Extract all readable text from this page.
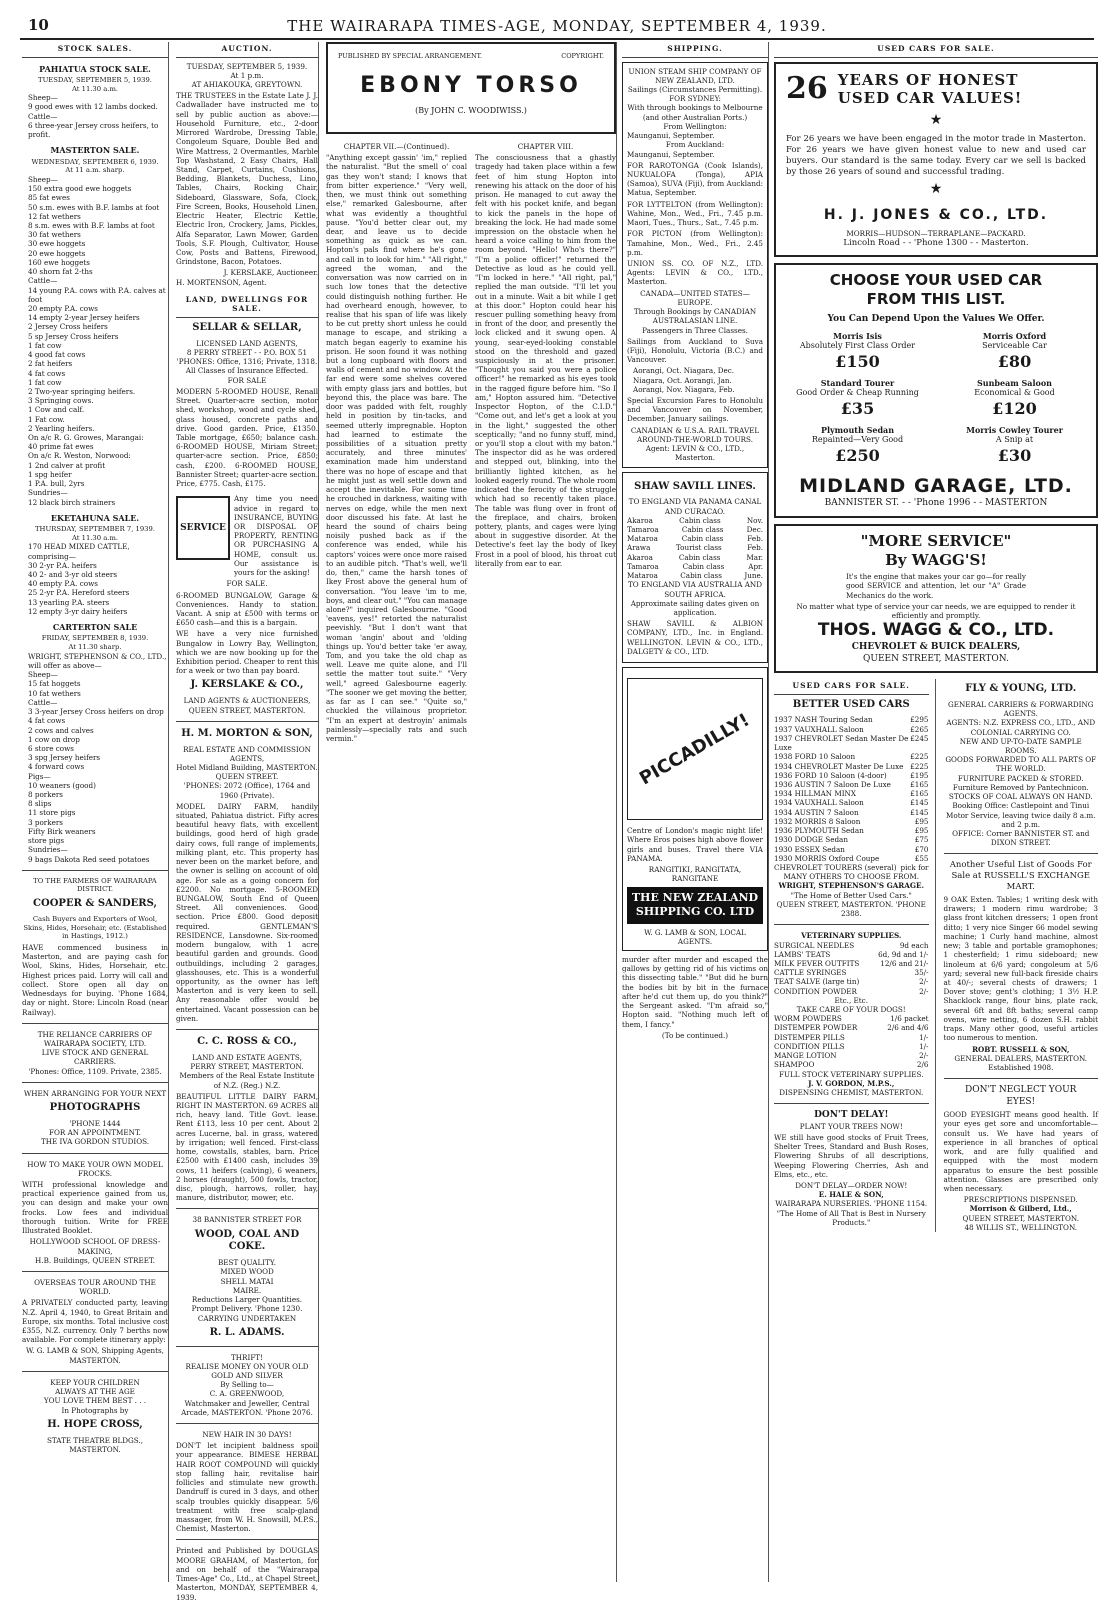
10	THE WAIRARAPA TIMES-AGE, MONDAY, SEPTEMBER 4, 1939.
STOCK SALES.
PAHIATUA STOCK SALE.
TUESDAY, SEPTEMBER 5, 1939.
At 11.30 a.m.
Sheep—
9 good ewes with 12 lambs docked.
Cattle—
6 three-year Jersey cross heifers, to profit.
MASTERTON SALE.
WEDNESDAY, SEPTEMBER 6, 1939.
At 11 a.m. sharp.
Sheep—
150 extra good ewe hoggets
85 fat ewes
50 s.m. ewes with B.F. lambs at foot
12 fat wethers
8 s.m. ewes with B.F. lambs at foot
30 fat wethers
30 ewe hoggets
20 ewe hoggets
160 ewe hoggets
40 shorn fat 2-ths
Cattle—
14 young P.A. cows with P.A. calves at foot
20 empty P.A. cows
14 empty 2-year Jersey heifers
2 Jersey Cross heifers
5 sp Jersey Cross heifers
1 fat cow
4 good fat cows
2 fat heifers
4 fat cows
1 fat cow
2 Two-year springing heifers.
3 Springing cows.
1 Cow and calf.
1 Fat cow.
2 Yearling heifers.
On a/c R. G. Growes, Marangai:
40 prime fat ewes
On a/c R. Weston, Norwood:
1 2nd calver at profit
1 spg heifer
1 P.A. bull, 2yrs
Sundries—
12 black birch strainers
EKETAHUNA SALE.
THURSDAY, SEPTEMBER 7, 1939.
At 11.30 a.m.
170 HEAD MIXED CATTLE, comprising—
30 2-yr P.A. heifers
40 2- and 3-yr old steers
40 empty P.A. cows
25 2-yr P.A. Hereford steers
13 yearling P.A. steers
12 empty 3-yr dairy heifers
CARTERTON SALE
FRIDAY, SEPTEMBER 8, 1939.
At 11.30 sharp.
WRIGHT, STEPHENSON & CO., LTD., will offer as above—
Sheep—
15 fat hoggets
10 fat wethers
Cattle—
3 3-year Jersey Cross heifers on drop
4 fat cows
2 cows and calves
1 cow on drop
6 store cows
3 spg Jersey heifers
4 forward cows
Pigs—
10 weaners (good)
8 porkers
8 slips
11 store pigs
3 porkers
Fifty Birk weaners
store pigs
Sundries—
9 bags Dakota Red seed potatoes
TO THE FARMERS OF WAIRARAPA DISTRICT.
COOPER & SANDERS,
Cash Buyers and Exporters of Wool, Skins, Hides, Horsehair, etc. (Established in Hastings, 1912.)
HAVE commenced business in Masterton, and are paying cash for Wool, Skins, Hides, Horsehair, etc. Highest prices paid. Lorry will call and collect. Store open all day on Wednesdays for buying. 'Phone 1684, day or night. Store: Lincoln Road (near Railway).
THE RELIANCE CARRIERS OF WAIRARAPA SOCIETY, LTD.
LIVE STOCK AND GENERAL CARRIERS.
'Phones: Office, 1109. Private, 2385.
WHEN ARRANGING FOR YOUR NEXT
PHOTOGRAPHS
'PHONE 1444
FOR AN APPOINTMENT.
THE IVA GORDON STUDIOS.
HOW TO MAKE YOUR OWN MODEL FROCKS.
WITH professional knowledge and practical experience gained from us, you can design and make your own frocks. Low fees and individual thorough tuition. Write for FREE Illustrated Booklet.
HOLLYWOOD SCHOOL OF DRESS-MAKING,
H.B. Buildings, QUEEN STREET.
OVERSEAS TOUR AROUND THE WORLD.
A PRIVATELY conducted party, leaving N.Z. April 4, 1940, to Great Britain and Europe, six months. Total inclusive cost £355, N.Z. currency. Only 7 berths now available. For complete itinerary apply:
W. G. LAMB & SON, Shipping Agents, MASTERTON.
KEEP YOUR CHILDREN
ALWAYS AT THE AGE
YOU LOVE THEM BEST . . .
In Photographs by
H. HOPE CROSS,
STATE THEATRE BLDGS., MASTERTON.
AUCTION.
TUESDAY, SEPTEMBER 5, 1939.
At 1 p.m.
AT AHIAKOUKA, GREYTOWN.
THE TRUSTEES in the Estate Late J. J. Cadwallader have instructed me to sell by public auction as above:—Household Furniture, etc., 2-door Mirrored Wardrobe, Dressing Table, Congoleum Square, Double Bed and Wire Mattress, 2 Overmantles, Marble Top Washstand, 2 Easy Chairs, Hall Stand, Carpet, Curtains, Cushions, Bedding, Blankets, Duchess, Lino, Tables, Chairs, Rocking Chair, Sideboard, Glassware, Sofa, Clock, Fire Screen, Books, Household Linen, Electric Heater, Electric Kettle, Electric Iron, Crockery, Jams, Pickles, Alfa Separator, Lawn Mower, Garden Tools, S.F. Plough, Cultivator, House Cow, Posts and Battens, Firewood, Grindstone, Bacon, Potatoes.
J. KERSLAKE, Auctioneer.
H. MORTENSON, Agent.
LAND, DWELLINGS FOR SALE.
SELLAR & SELLAR,
LICENSED LAND AGENTS,
8 PERRY STREET - - P.O. BOX 51
'PHONES: Office, 1316; Private, 1318.
All Classes of Insurance Effected.
FOR SALE
MODERN 5-ROOMED HOUSE, Renall Street. Quarter-acre section, motor shed, workshop, wood and cycle shed, glass housed, concrete paths and drive. Good garden. Price, £1350. Table mortgage, £650; balance cash. 6-ROOMED HOUSE, Miriam Street; quarter-acre section. Price, £850; cash, £200. 6-ROOMED HOUSE, Bannister Street; quarter-acre section. Price, £775. Cash, £175.
SERVICE
Any time you need advice in regard to INSURANCE, BUYING OR DISPOSAL OF PROPERTY, RENTING OR PURCHASING A HOME, consult us. Our assistance is yours for the asking!
FOR SALE.
6-ROOMED BUNGALOW, Garage & Conveniences. Handy to station. Vacant. A snip at £500 with terms or £650 cash—and this is a bargain.
WE have a very nice furnished Bungalow in Lowry Bay, Wellington, which we are now booking up for the Exhibition period. Cheaper to rent this for a week or two than pay board.
J. KERSLAKE & CO.,
LAND AGENTS & AUCTIONEERS, QUEEN STREET, MASTERTON.
H. M. MORTON & SON,
REAL ESTATE AND COMMISSION AGENTS,
Hotel Midland Building, MASTERTON.
QUEEN STREET.
'PHONES: 2072 (Office), 1764 and 1960 (Private).
MODEL DAIRY FARM, handily situated, Pahiatua district. Fifty acres beautiful heavy flats, with excellent buildings, good herd of high grade dairy cows, full range of implements, milking plant, etc. This property has never been on the market before, and the owner is selling on account of old age. For sale as a going concern for £2200. No mortgage. 5-ROOMED BUNGALOW, South End of Queen Street. All conveniences. Good section. Price £800. Good deposit required. GENTLEMAN'S RESIDENCE, Lansdowne. Six-roomed modern bungalow, with 1 acre beautiful garden and grounds. Good outbuildings, including 2 garages, glasshouses, etc. This is a wonderful opportunity, as the owner has left Masterton and is very keen to sell. Any reasonable offer would be entertained. Vacant possession can be given.
C. C. ROSS & CO.,
LAND AND ESTATE AGENTS,
PERRY STREET, MASTERTON.
Members of the Real Estate Institute of N.Z. (Reg.) N.Z.
BEAUTIFUL LITTLE DAIRY FARM, RIGHT IN MASTERTON. 69 ACRES all rich, heavy land. Title Govt. lease. Rent £113, less 10 per cent. About 2 acres Lucerne, bal. in grass, watered by irrigation; well fenced. First-class home, cowstalls, stables, barn. Price £2500 with £1400 cash, includes 39 cows, 11 heifers (calving), 6 weaners, 2 horses (draught), 500 fowls, tractor, disc, plough, harrows, roller, hay, manure, distributor, mower, etc.
38 BANNISTER STREET FOR
WOOD, COAL AND COKE.
BEST QUALITY.
MIXED WOOD
SHELL MATAI
MAIRE.
Reductions Larger Quantities.
Prompt Delivery. 'Phone 1230.
CARRYING UNDERTAKEN
R. L. ADAMS.
THRIFT!
REALISE MONEY ON YOUR OLD GOLD AND SILVER
By Selling to—
C. A. GREENWOOD,
Watchmaker and Jeweller, Central Arcade, MASTERTON. 'Phone 2076.
NEW HAIR IN 30 DAYS!
DON'T let incipient baldness spoil your appearance. BIMESE HERBAL HAIR ROOT COMPOUND will quickly stop falling hair, revitalise hair follicles and stimulate new growth. Dandruff is cured in 3 days, and other scalp troubles quickly disappear. 5/6 treatment with free scalp-gland massager, from W. H. Snowsill, M.P.S., Chemist, Masterton.
Printed and Published by DOUGLAS MOORE GRAHAM, of Masterton, for and on behalf of the "Wairarapa Times-Age" Co., Ltd., at Chapel Street, Masterton, MONDAY, SEPTEMBER 4, 1939.
PUBLISHED BY SPECIAL ARRANGEMENT.	COPYRIGHT.
EBONY TORSO
(By JOHN C. WOODIWISS.)
CHAPTER VII.—(Continued).
"Anything except gassin' 'im," replied the naturalist. "But the smell o' coal gas they won't stand; I knows that from bitter experience." "Very well, then, we must think out something else," remarked Galesbourne, after what was evidently a thoughtful pause. "You'd better clear out, my dear, and leave us to decide something as quick as we can. Hopton's pals find where he's gone and call in to look for him." "All right," agreed the woman, and the conversation was now carried on in such low tones that the detective could distinguish nothing further. He had overheard enough, however, to realise that his span of life was likely to be cut pretty short unless he could manage to escape, and striking a match began eagerly to examine his prison. He soon found it was nothing but a long cupboard with floors and walls of cement and no window. At the far end were some shelves covered with empty glass jars and bottles, but beyond this, the place was bare. The door was padded with felt, roughly held in position by tin-tacks, and seemed utterly impregnable. Hopton had learned to estimate the possibilities of a situation pretty accurately, and three minutes' examination made him understand there was no hope of escape and that he might just as well settle down and accept the inevitable. For some time he crouched in darkness, waiting with nerves on edge, while the men next door discussed his fate. At last he heard the sound of chairs being noisily pushed back as if the conference was ended, while his captors' voices were once more raised to an audible pitch. "That's well, we'll do, then," came the harsh tones of Ikey Frost above the general hum of conversation. "You leave 'im to me, boys, and clear out." "You can manage alone?" inquired Galesbourne. "Good 'eavens, yes!" retorted the naturalist peevishly. "But I don't want that woman 'angin' about and 'olding things up. You'd better take 'er away, Tom, and you take the old chap as well. Leave me quite alone, and I'll settle the matter tout suite." "Very well," agreed Galesbourne eagerly. "The sooner we get moving the better, as far as I can see." "Quite so," chuckled the villainous proprietor. "I'm an expert at destroyin' animals painlessly—specially rats and such vermin."
CHAPTER VIII.
The consciousness that a ghastly tragedy had taken place within a few feet of him stung Hopton into renewing his attack on the door of his prison. He managed to cut away the felt with his pocket knife, and began to kick the panels in the hope of breaking the lock. He had made some impression on the obstacle when he heard a voice calling to him from the room beyond. "Hello! Who's there?" "I'm a police officer!" returned the Detective as loud as he could yell. "I'm locked in here." "All right, pal," replied the man outside. "I'll let you out in a minute. Wait a bit while I get at this door." Hopton could hear his rescuer pulling something heavy from in front of the door, and presently the lock clicked and it swung open. A young, sear-eyed-looking constable stood on the threshold and gazed suspiciously in at the prisoner. "Thought you said you were a police officer!" he remarked as his eyes took in the ragged figure before him. "So I am," Hopton assured him. "Detective Inspector Hopton, of the C.I.D." "Come out, and let's get a look at you in the light," suggested the other sceptically; "and no funny stuff, mind, or you'll stop a clout with my baton." The inspector did as he was ordered and stepped out, blinking, into the brilliantly lighted kitchen, as he looked eagerly round. The whole room indicated the ferocity of the struggle which had so recently taken place. The table was flung over in front of the fireplace, and chairs, broken pottery, plants, and cages were lying about in suggestive disorder. At the Detective's feet lay the body of Ikey Frost in a pool of blood, his throat cut literally from ear to ear.
SHIPPING.
UNION STEAM SHIP COMPANY OF NEW ZEALAND, LTD.
Sailings (Circumstances Permitting).
FOR SYDNEY:
With through bookings to Melbourne (and other Australian Ports.)
From Wellington:
Maunganui, September.
From Auckland:
Maunganui, September.
FOR RAROTONGA (Cook Islands), NUKUALOFA (Tonga), APIA (Samoa), SUVA (Fiji), from Auckland: Matua, September.
FOR LYTTELTON (from Wellington): Wahine, Mon., Wed., Fri., 7.45 p.m. Maori, Tues., Thurs., Sat., 7.45 p.m.
FOR PICTON (from Wellington): Tamahine, Mon., Wed., Fri., 2.45 p.m.
UNION SS. CO. OF N.Z., LTD. Agents: LEVIN & CO., LTD., Masterton.
CANADA—UNITED STATES—EUROPE.
Through Bookings by CANADIAN AUSTRALASIAN LINE.
Passengers in Three Classes.
Sailings from Auckland to Suva (Fiji), Honolulu, Victoria (B.C.) and Vancouver.
Aorangi, Oct. Niagara, Dec.
Niagara, Oct. Aorangi, Jan.
Aorangi, Nov. Niagara, Feb.
Special Excursion Fares to Honolulu and Vancouver on November, December, January sailings.
CANADIAN & U.S.A. RAIL TRAVEL
AROUND-THE-WORLD TOURS.
Agent: LEVIN & CO., LTD., Masterton.
SHAW SAVILL LINES.
TO ENGLAND VIA PANAMA CANAL AND CURACAO.
Akaroa	Cabin class	Nov.
Tamaroa	Cabin class	Dec.
Mataroa	Cabin class	Feb.
Arawa	Tourist class	Feb.
Akaroa	Cabin class	Mar.
Tamaroa	Cabin class	Apr.
Mataroa	Cabin class	June.
TO ENGLAND VIA AUSTRALIA AND SOUTH AFRICA.
Approximate sailing dates given on application.
SHAW SAVILL & ALBION COMPANY, LTD., Inc. in England. WELLINGTON. LEVIN & CO., LTD., DALGETY & CO., LTD.
PICCADILLY!
Centre of London's magic night life! Where Eros poises high above flower girls and buses. Travel there VIA PANAMA.
RANGITIKI, RANGITATA, RANGITANE
THE NEW ZEALAND SHIPPING CO. LTD
W. G. LAMB & SON, LOCAL AGENTS.
murder after murder and escaped the gallows by getting rid of his victims on this dissecting table." "But did he burn the bodies bit by bit in the furnace after he'd cut them up, do you think?" the Sergeant asked. "I'm afraid so," Hopton said. "Nothing much left of them, I fancy."
(To be continued.)
USED CARS FOR SALE.
26 YEARS OF HONEST
USED CAR VALUES!
★
For 26 years we have been engaged in the motor trade in Masterton. For 26 years we have given honest value to new and used car buyers. Our standard is the same today. Every car we sell is backed by those 26 years of sound and successful trading.
★
H. J. JONES & CO., LTD.
MORRIS—HUDSON—TERRAPLANE—PACKARD.
Lincoln Road - - 'Phone 1300 - - Masterton.
CHOOSE YOUR USED CAR
FROM THIS LIST.
You Can Depend Upon the Values We Offer.
Morris Isis
Absolutely First Class Order
£150
Morris Oxford
Serviceable Car
£80
Standard Tourer
Good Order & Cheap Running
£35
Sunbeam Saloon
Economical & Good
£120
Plymouth Sedan
Repainted—Very Good
£250
Morris Cowley Tourer
A Snip at
£30
MIDLAND GARAGE, LTD.
BANNISTER ST. - - 'Phone 1996 - - MASTERTON
"MORE SERVICE"
By WAGG'S!
It's the engine that makes your car go—for really good SERVICE and attention, let our "A" Grade Mechanics do the work.
No matter what type of service your car needs, we are equipped to render it efficiently and promptly.
THOS. WAGG & CO., LTD.
CHEVROLET & BUICK DEALERS,
QUEEN STREET, MASTERTON.
USED CARS FOR SALE.
BETTER USED CARS
1937 NASH Touring Sedan	£295
1937 VAUXHALL Saloon	£265
1937 CHEVROLET Sedan Master De Luxe
£245
1938 FORD 10 Saloon	£225
1934 CHEVROLET Master De Luxe £225
1936 FORD 10 Saloon (4-door)	£195
1936 AUSTIN 7 Saloon De Luxe	£165
1934 HILLMAN MINX	£165
1934 VAUXHALL Saloon	£145
1934 AUSTIN 7 Saloon	£145
1932 MORRIS 8 Saloon	£95
1936 PLYMOUTH Sedan	£95
1930 DODGE Sedan	£75
1930 ESSEX Sedan	£70
1930 MORRIS Oxford Coupe	£55
CHEVROLET TOURERS (several) pick for
MANY OTHERS TO CHOOSE FROM.
WRIGHT, STEPHENSON'S GARAGE.
"The Home of Better Used Cars."
QUEEN STREET, MASTERTON. 'PHONE 2388.
VETERINARY SUPPLIES.
SURGICAL NEEDLES	9d each
LAMBS' TEATS	6d, 9d and 1/-
MILK FEVER OUTFITS	12/6 and 21/-
CATTLE SYRINGES	35/-
TEAT SALVE (large tin)	2/-
CONDITION POWDER	2/-
Etc., Etc.
TAKE CARE OF YOUR DOGS!
WORM POWDERS	1/6 packet
DISTEMPER POWDER	2/6 and 4/6
DISTEMPER PILLS	1/-
CONDITION PILLS	1/-
MANGE LOTION	2/-
SHAMPOO	2/6
FULL STOCK VETERINARY SUPPLIES.
J. V. GORDON, M.P.S.,
DISPENSING CHEMIST, MASTERTON.
DON'T DELAY!
PLANT YOUR TREES NOW!
WE still have good stocks of Fruit Trees, Shelter Trees, Standard and Bush Roses, Flowering Shrubs of all descriptions, Weeping Flowering Cherries, Ash and Elms, etc., etc.
DON'T DELAY—ORDER NOW!
E. HALE & SON,
WAIRARAPA NURSERIES. 'PHONE 1154.
"The Home of All That is Best in Nursery Products."
FLY & YOUNG, LTD.
GENERAL CARRIERS & FORWARDING AGENTS.
AGENTS: N.Z. EXPRESS CO., LTD., AND COLONIAL CARRYING CO.
NEW AND UP-TO-DATE SAMPLE ROOMS.
GOODS FORWARDED TO ALL PARTS OF THE WORLD.
FURNITURE PACKED & STORED. Furniture Removed by Pantechnicon.
STOCKS OF COAL ALWAYS ON HAND.
Booking Office: Castlepoint and Tinui Motor Service, leaving twice daily 8 a.m. and 2 p.m.
OFFICE: Corner BANNISTER ST. and DIXON STREET.
Another Useful List of Goods For Sale at RUSSELL'S EXCHANGE MART.
9 OAK Exten. Tables; 1 writing desk with drawers; 1 modern rimu wardrobe; 3 glass front kitchen dressers; 1 open front ditto; 1 very nice Singer 66 model sewing machine; 1 Curly hand machine, almost new; 3 table and portable gramophones; 1 chesterfield; 1 rimu sideboard; new linoleum at 6/6 yard; congoleum at 5/6 yard; several new full-back fireside chairs at 40/-; several chests of drawers; 1 Dover stove; gent's clothing; 1 3½ H.P. Shacklock range, flour bins, plate rack, several 6ft and 8ft baths; several camp ovens, wire netting, 6 dozen S.H. rabbit traps. Many other good, useful articles too numerous to mention.
ROBT. RUSSELL & SON,
GENERAL DEALERS, MASTERTON. Established 1908.
DON'T NEGLECT YOUR
EYES!
GOOD EYESIGHT means good health. If your eyes get sore and uncomfortable—consult us. We have had years of experience in all branches of optical work, and are fully qualified and equipped with the most modern apparatus to ensure the best possible attention. Glasses are prescribed only when necessary.
PRESCRIPTIONS DISPENSED.
Morrison & Gilberd, Ltd.,
QUEEN STREET, MASTERTON.
48 WILLIS ST., WELLINGTON.
